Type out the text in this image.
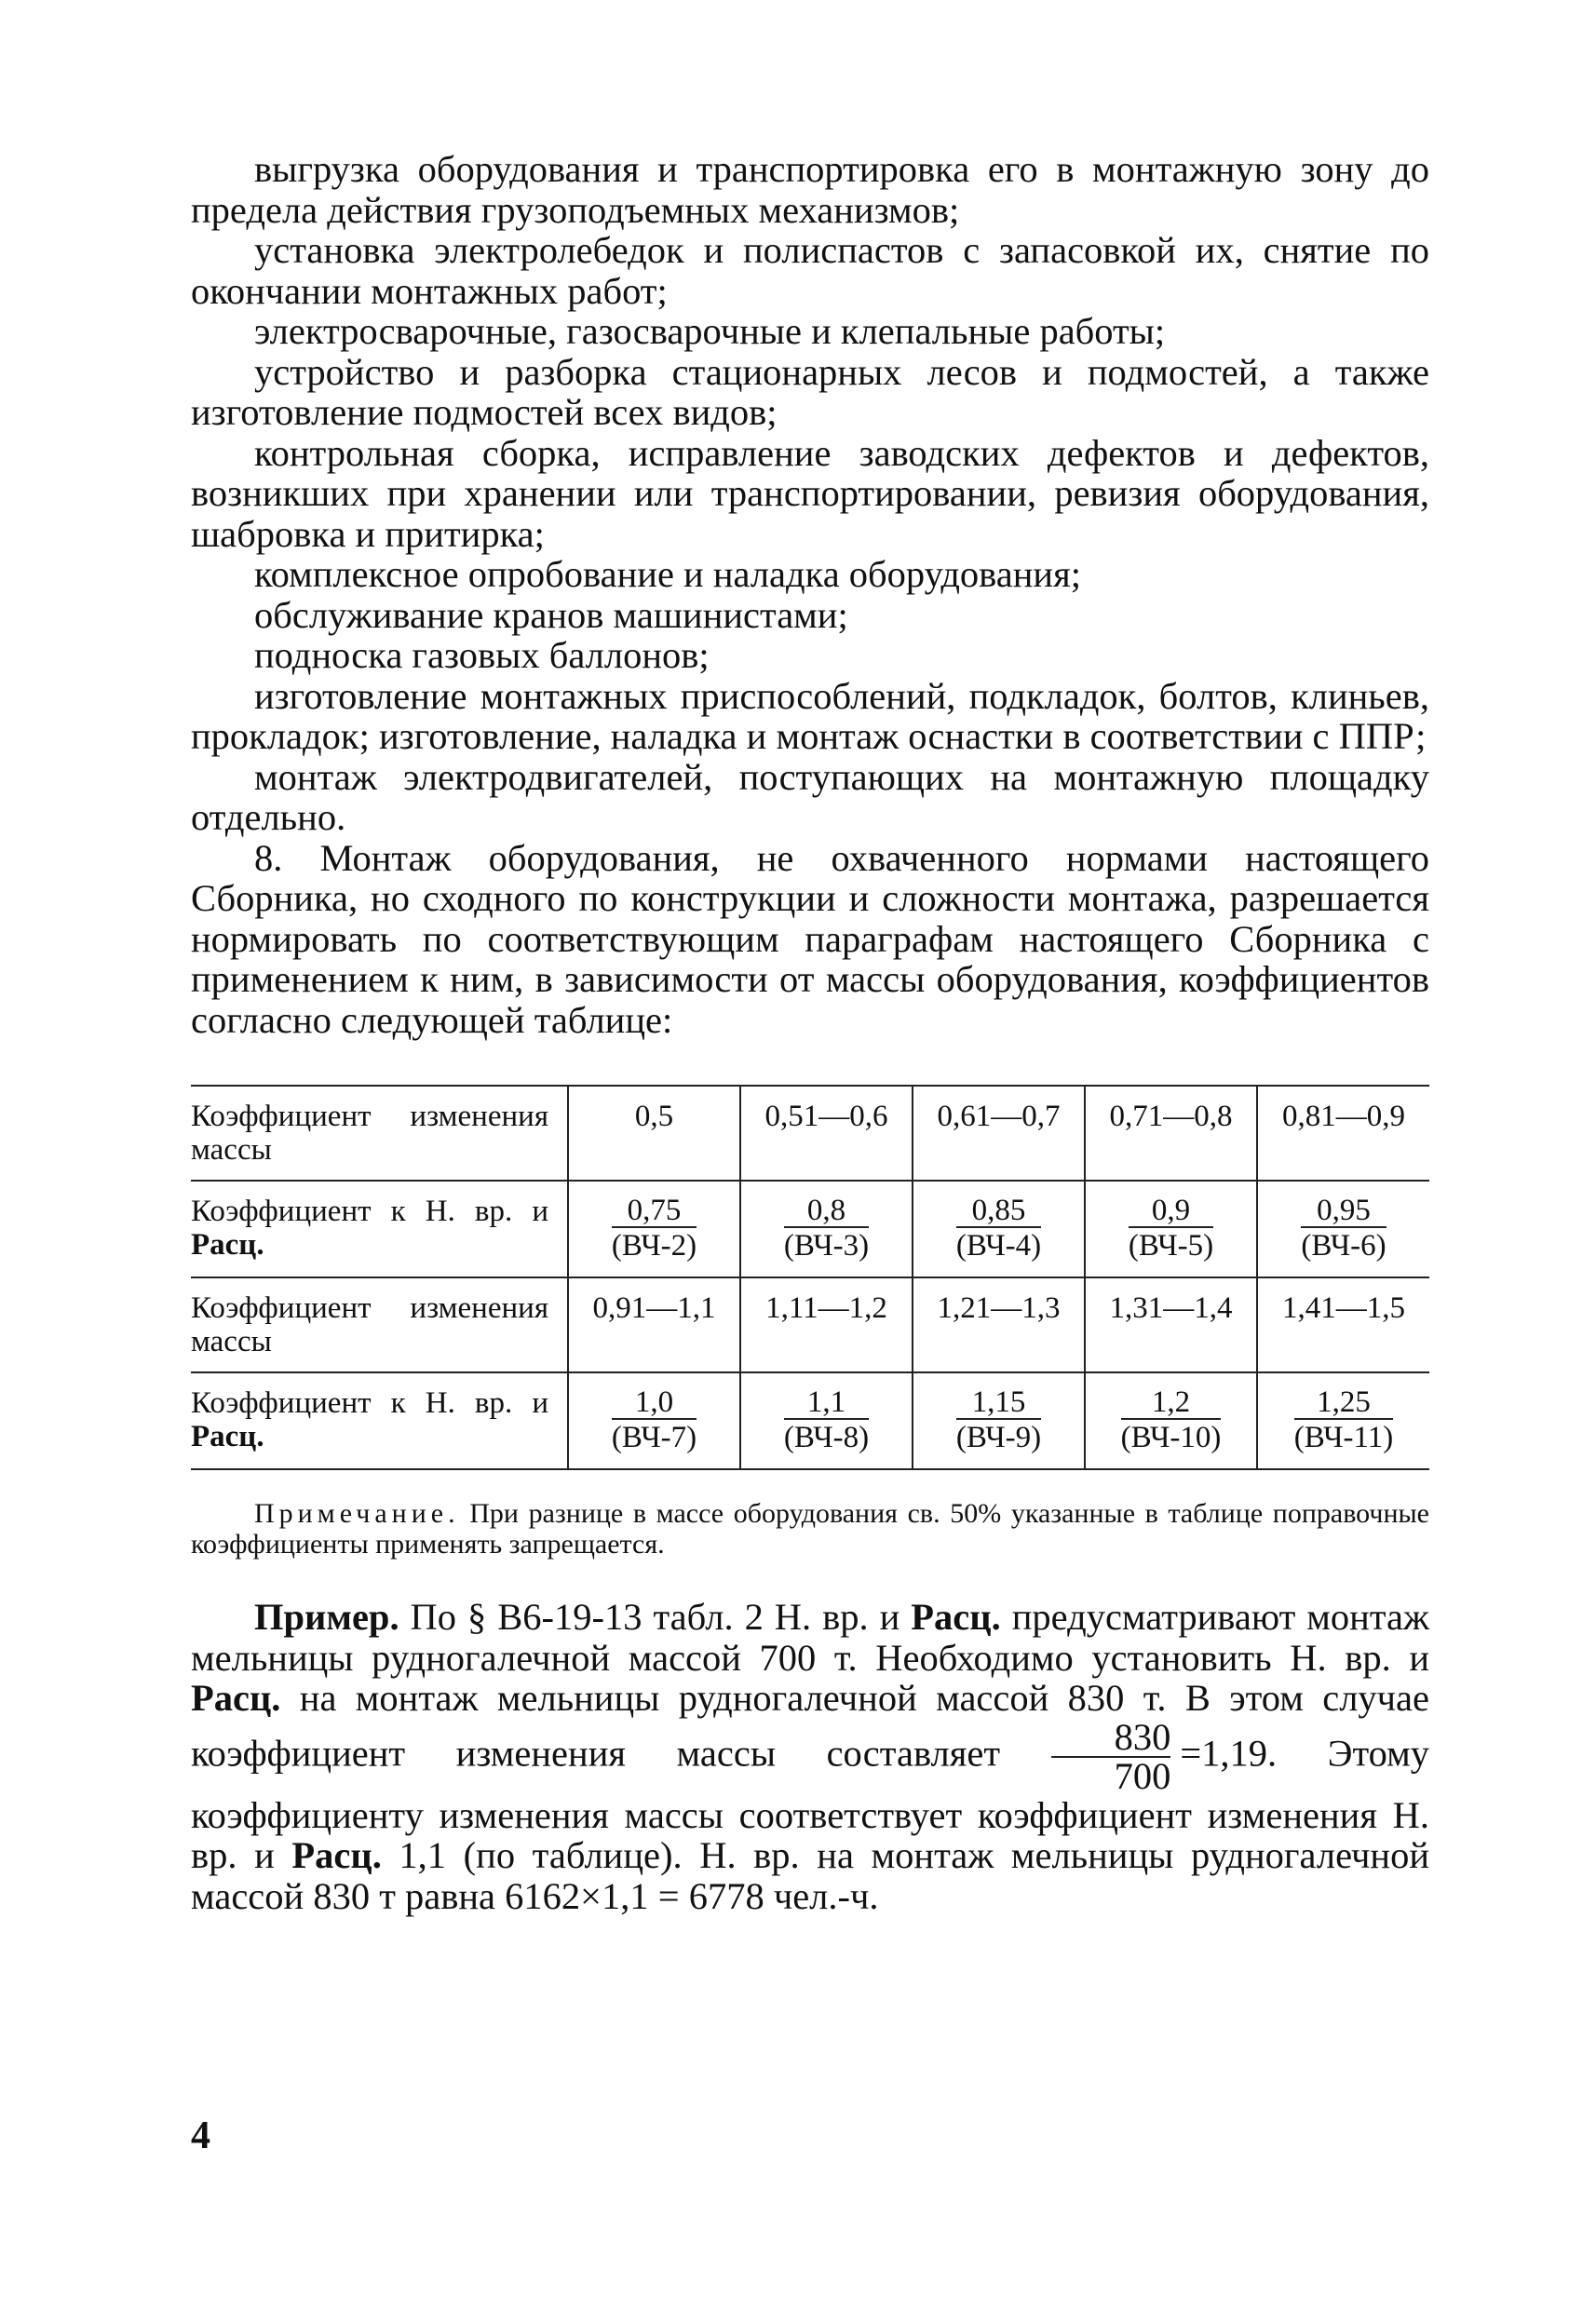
выгрузка оборудования и транспортировка его в монтажную зону до предела действия грузоподъемных механизмов;

установка электролебедок и полиспастов с запасовкой их, снятие по окончании монтажных работ;

электросварочные, газосварочные и клепальные работы;

устройство и разборка стационарных лесов и подмостей, а также изготовление подмостей всех видов;

контрольная сборка, исправление заводских дефектов и дефектов, возникших при хранении или транспортировании, ревизия оборудования, шабровка и притирка;

комплексное опробование и наладка оборудования;

обслуживание кранов машинистами;

подноска газовых баллонов;

изготовление монтажных приспособлений, подкладок, болтов, клиньев, прокладок; изготовление, наладка и монтаж оснастки в соответствии с ППР;

монтаж электродвигателей, поступающих на монтажную площадку отдельно.

8. Монтаж оборудования, не охваченного нормами настоящего Сборника, но сходного по конструкции и сложности монтажа, разрешается нормировать по соответствующим параграфам настоящего Сборника с применением к ним, в зависимости от массы оборудования, коэффициентов согласно следующей таблице:

Коэффициент изменения массы	0,5	0,51—0,6	0,61—0,7	0,71—0,8	0,81—0,9
Коэффициент к Н. вр. и Расц.	$\frac{0,75}{(ВЧ-2)}$	$\frac{0,8}{(ВЧ-3)}$	$\frac{0,85}{(ВЧ-4)}$	$\frac{0,9}{(ВЧ-5)}$	$\frac{0,95}{(ВЧ-6)}$

Коэффициент изменения массы	0,91—1,1	1,11—1,2	1,21—1,3	1,31—1,4	1,41—1,5
Коэффициент к Н. вр. и Расц.	$\frac{1,0}{(ВЧ-7)}$	$\frac{1,1}{(ВЧ-8)}$	$\frac{1,15}{(ВЧ-9)}$	$\frac{1,2}{(ВЧ-10)}$	$\frac{1,25}{(ВЧ-11)}$

Примечание. При разнице в массе оборудования св. 50% указанные в таблице поправочные коэффициенты применять запрещается.

Пример. По § В6-19-13 табл. 2 Н. вр. и Расц. предусматривают монтаж мельницы рудногалечной массой 700 т. Необходимо установить Н. вр. и Расц. на монтаж мельницы рудногалечной массой 830 т. В этом случае коэффициент изменения массы составляет $\frac{830}{700} =1,19$. Этому коэффициенту изменения массы соответствует коэффициент изменения Н. вр. и Расц. 1,1 (по таблице). Н. вр. на монтаж мельницы рудногалечной массой 830 т равна 6162×1,1 = 6778 чел.-ч.

4
